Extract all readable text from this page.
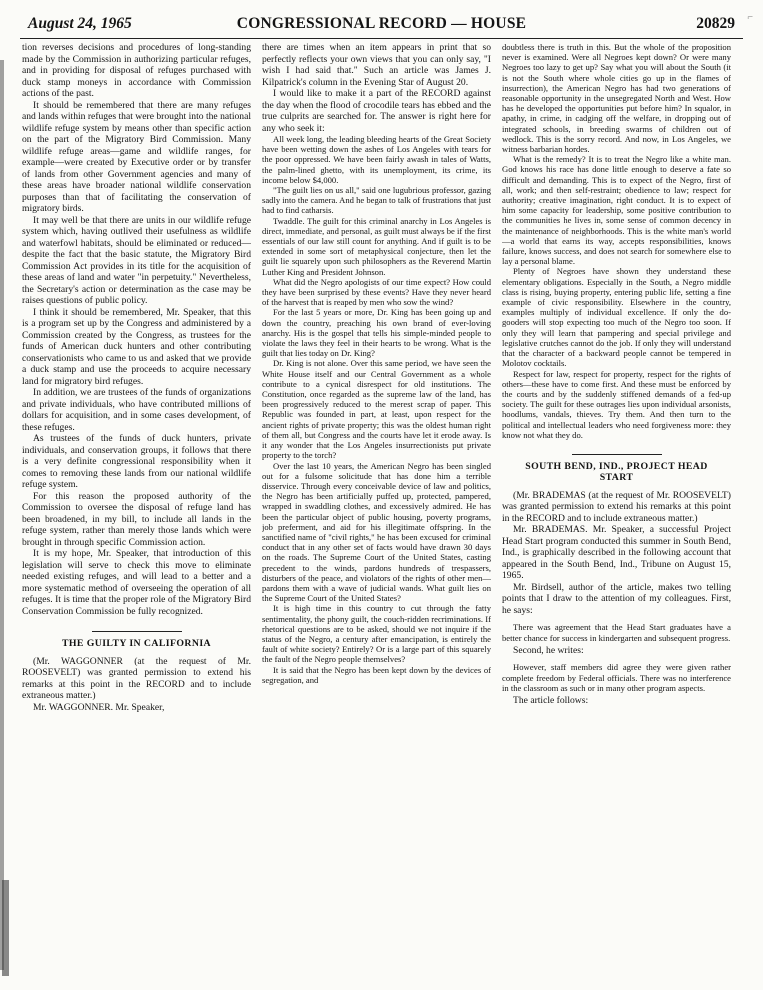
⌐
August 24, 1965	CONGRESSIONAL RECORD — HOUSE	20829

tion reverses decisions and procedures of long-standing made by the Commission in authorizing particular refuges, and in providing for disposal of refuges purchased with duck stamp moneys in accordance with Commission actions of the past.

It should be remembered that there are many refuges and lands within refuges that were brought into the national wildlife refuge system by means other than specific action on the part of the Migratory Bird Commission. Many wildlife refuge areas—game and wildlife ranges, for example—were created by Executive order or by transfer of lands from other Government agencies and many of these areas have broader national wildlife conservation purposes than that of facilitating the conservation of migratory birds.

It may well be that there are units in our wildlife refuge system which, having outlived their usefulness as wildlife and waterfowl habitats, should be eliminated or reduced—despite the fact that the basic statute, the Migratory Bird Commission Act provides in its title for the acquisition of these areas of land and water "in perpetuity." Nevertheless, the Secretary's action or determination as the case may be raises questions of public policy.

I think it should be remembered, Mr. Speaker, that this is a program set up by the Congress and administered by a Commission created by the Congress, as trustees for the funds of American duck hunters and other contributing conservationists who came to us and asked that we provide a duck stamp and use the proceeds to acquire necessary land for migratory bird refuges.

In addition, we are trustees of the funds of organizations and private individuals, who have contributed millions of dollars for acquisition, and in some cases development, of these refuges.

As trustees of the funds of duck hunters, private individuals, and conservation groups, it follows that there is a very definite congressional responsibility when it comes to removing these lands from our national wildlife refuge system.

For this reason the proposed authority of the Commission to oversee the disposal of refuge land has been broadened, in my bill, to include all lands in the refuge system, rather than merely those lands which were brought in through specific Commission action.

It is my hope, Mr. Speaker, that introduction of this legislation will serve to check this move to eliminate needed existing refuges, and will lead to a better and a more systematic method of overseeing the operation of all refuges. It is time that the proper role of the Migratory Bird Conservation Commission be fully recognized.

THE GUILTY IN CALIFORNIA

(Mr. WAGGONNER (at the request of Mr. ROOSEVELT) was granted permission to extend his remarks at this point in the RECORD and to include extraneous matter.)

Mr. WAGGONNER. Mr. Speaker,

there are times when an item appears in print that so perfectly reflects your own views that you can only say, "I wish I had said that." Such an article was James J. Kilpatrick's column in the Evening Star of August 20.

I would like to make it a part of the RECORD against the day when the flood of crocodile tears has ebbed and the true culprits are searched for. The answer is right here for any who seek it:

All week long, the leading bleeding hearts of the Great Society have been wetting down the ashes of Los Angeles with tears for the poor oppressed. We have been fairly awash in tales of Watts, the palm-lined ghetto, with its unemployment, its crime, its income below $4,000.

"The guilt lies on us all," said one lugubrious professor, gazing sadly into the camera. And he began to talk of frustrations that just had to find catharsis.

Twaddle. The guilt for this criminal anarchy in Los Angeles is direct, immediate, and personal, as guilt must always be if the first essentials of our law still count for anything. And if guilt is to be extended in some sort of metaphysical conjecture, then let the guilt lie squarely upon such philosophers as the Reverend Martin Luther King and President Johnson.

What did the Negro apologists of our time expect? How could they have been surprised by these events? Have they never heard of the harvest that is reaped by men who sow the wind?

For the last 5 years or more, Dr. King has been going up and down the country, preaching his own brand of ever-loving anarchy. His is the gospel that tells his simple-minded people to violate the laws they feel in their hearts to be wrong. What is the guilt that lies today on Dr. King?

Dr. King is not alone. Over this same period, we have seen the White House itself and our Central Government as a whole contribute to a cynical disrespect for old institutions. The Constitution, once regarded as the supreme law of the land, has been progressively reduced to the merest scrap of paper. This Republic was founded in part, at least, upon respect for the ancient rights of private property; this was the oldest human right of them all, but Congress and the courts have let it erode away. Is it any wonder that the Los Angeles insurrectionists put private property to the torch?

Over the last 10 years, the American Negro has been singled out for a fulsome solicitude that has done him a terrible disservice. Through every conceivable device of law and politics, the Negro has been artificially puffed up, protected, pampered, wrapped in swaddling clothes, and excessively admired. He has been the particular object of public housing, poverty programs, job preferment, and aid for his illegitimate offspring. In the sanctified name of "civil rights," he has been excused for criminal conduct that in any other set of facts would have drawn 30 days on the roads. The Supreme Court of the United States, casting precedent to the winds, pardons hundreds of trespassers, disturbers of the peace, and violators of the rights of other men—pardons them with a wave of judicial wands. What guilt lies on the Supreme Court of the United States?

It is high time in this country to cut through the fatty sentimentality, the phony guilt, the couch-ridden recriminations. If rhetorical questions are to be asked, should we not inquire if the status of the Negro, a century after emancipation, is entirely the fault of white society? Entirely? Or is a large part of this squarely the fault of the Negro people themselves?

It is said that the Negro has been kept down by the devices of segregation, and

doubtless there is truth in this. But the whole of the proposition never is examined. Were all Negroes kept down? Or were many Negroes too lazy to get up? Say what you will about the South (it is not the South where whole cities go up in the flames of insurrection), the American Negro has had two generations of reasonable opportunity in the unsegregated North and West. How has he developed the opportunities put before him? In squalor, in apathy, in crime, in cadging off the welfare, in dropping out of integrated schools, in breeding swarms of children out of wedlock. This is the sorry record. And now, in Los Angeles, we witness barbarian hordes.

What is the remedy? It is to treat the Negro like a white man. God knows his race has done little enough to deserve a fate so difficult and demanding. This is to expect of the Negro, first of all, work; and then self-restraint; obedience to law; respect for authority; creative imagination, right conduct. It is to expect of him some capacity for leadership, some positive contribution to the communities he lives in, some sense of common decency in the maintenance of neighborhoods. This is the white man's world—a world that earns its way, accepts responsibilities, knows failure, knows success, and does not search for somewhere else to lay a personal blame.

Plenty of Negroes have shown they understand these elementary obligations. Especially in the South, a Negro middle class is rising, buying property, entering public life, setting a fine example of civic responsibility. Elsewhere in the country, examples multiply of individual excellence. If only the do-gooders will stop expecting too much of the Negro too soon. If only they will learn that pampering and special privilege and legislative crutches cannot do the job. If only they will understand that the character of a backward people cannot be tempered in Molotov cocktails.

Respect for law, respect for property, respect for the rights of others—these have to come first. And these must be enforced by the courts and by the suddenly stiffened demands of a fed-up society. The guilt for these outrages lies upon individual arsonists, hoodlums, vandals, thieves. Try them. And then turn to the political and intellectual leaders who need forgiveness more: they know not what they do.

SOUTH BEND, IND., PROJECT HEAD START

(Mr. BRADEMAS (at the request of Mr. ROOSEVELT) was granted permission to extend his remarks at this point in the RECORD and to include extraneous matter.)

Mr. BRADEMAS. Mr. Speaker, a successful Project Head Start program conducted this summer in South Bend, Ind., is graphically described in the following account that appeared in the South Bend, Ind., Tribune on August 15, 1965.

Mr. Birdsell, author of the article, makes two telling points that I draw to the attention of my colleagues. First, he says:

There was agreement that the Head Start graduates have a better chance for success in kindergarten and subsequent progress.

Second, he writes:

However, staff members did agree they were given rather complete freedom by Federal officials. There was no interference in the classroom as such or in many other program aspects.

The article follows:
